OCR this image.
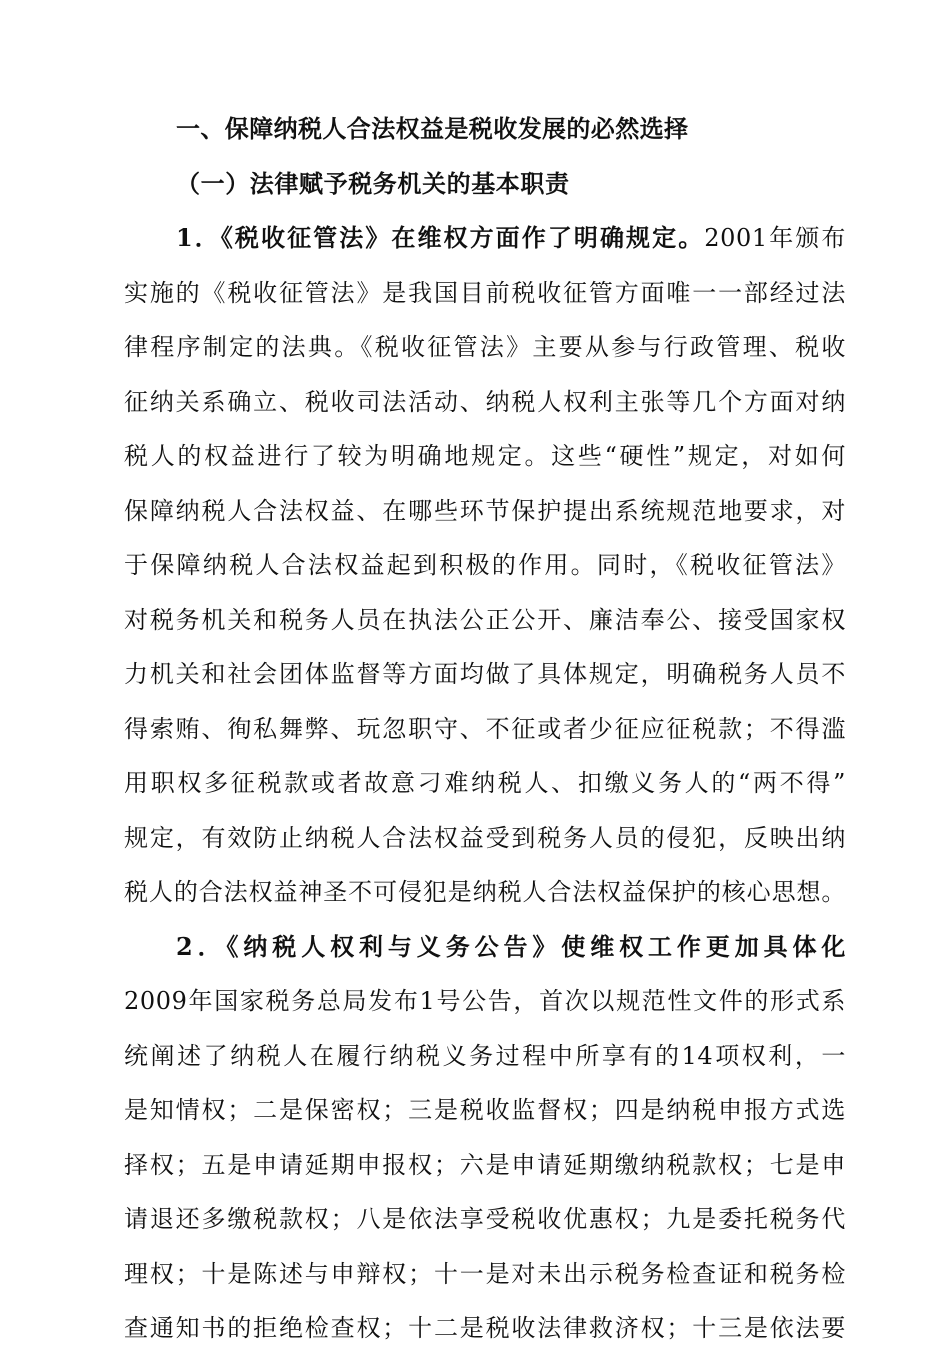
一、保障纳税人合法权益是税收发展的必然选择
（一）法律赋予税务机关的基本职责
1．《税收征管法》在维权方面作了明确规定。2001年颁布
实施的《税收征管法》是我国目前税收征管方面唯一一部经过法
律程序制定的法典。《税收征管法》主要从参与行政管理、税收
征纳关系确立、税收司法活动、纳税人权利主张等几个方面对纳
税人的权益进行了较为明确地规定。这些“硬性”规定，对如何
保障纳税人合法权益、在哪些环节保护提出系统规范地要求，对
于保障纳税人合法权益起到积极的作用。同时，《税收征管法》
对税务机关和税务人员在执法公正公开、廉洁奉公、接受国家权
力机关和社会团体监督等方面均做了具体规定，明确税务人员不
得索贿、徇私舞弊、玩忽职守、不征或者少征应征税款；不得滥
用职权多征税款或者故意刁难纳税人、扣缴义务人的“两不得”
规定，有效防止纳税人合法权益受到税务人员的侵犯，反映出纳
税人的合法权益神圣不可侵犯是纳税人合法权益保护的核心思想。
2．《纳税人权利与义务公告》使维权工作更加具体化
2009年国家税务总局发布1号公告，首次以规范性文件的形式系
统阐述了纳税人在履行纳税义务过程中所享有的14项权利，一
是知情权；二是保密权；三是税收监督权；四是纳税申报方式选
择权；五是申请延期申报权；六是申请延期缴纳税款权；七是申
请退还多缴税款权；八是依法享受税收优惠权；九是委托税务代
理权；十是陈述与申辩权；十一是对未出示税务检查证和税务检
查通知书的拒绝检查权；十二是税收法律救济权；十三是依法要
